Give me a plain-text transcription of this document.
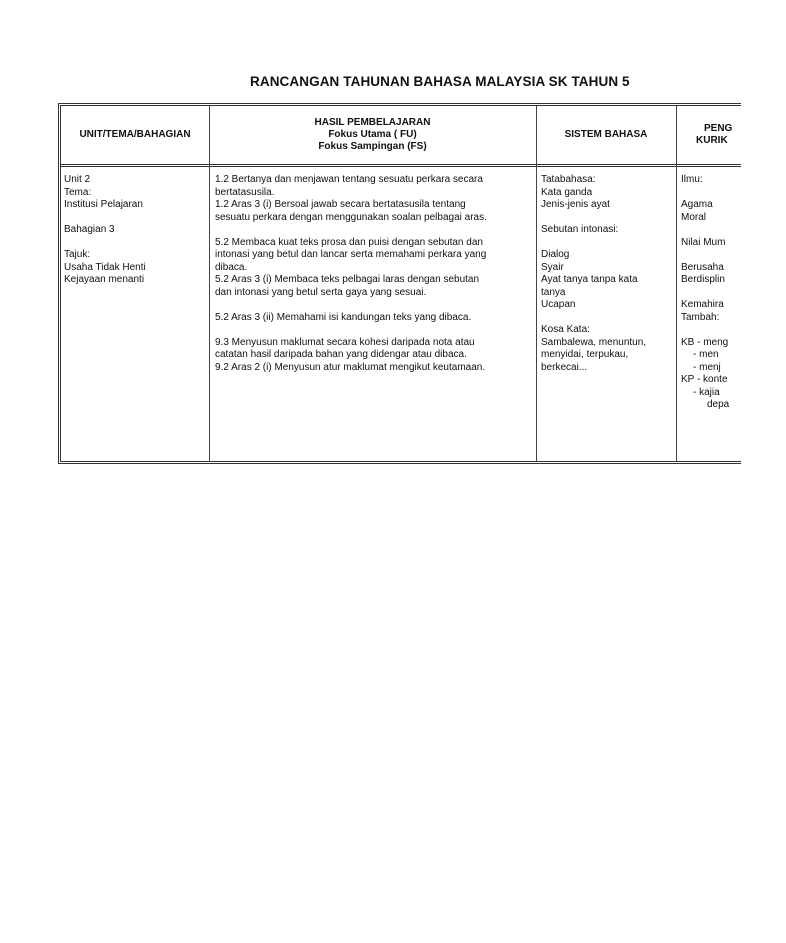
RANCANGAN TAHUNAN BAHASA MALAYSIA SK TAHUN 5
UNIT/TEMA/BAHAGIAN
HASIL PEMBELAJARAN
Fokus Utama ( FU)
Fokus Sampingan (FS)
SISTEM BAHASA
PENG
KURIK
Unit 2
Tema:
Institusi Pelajaran
Bahagian 3
Tajuk:
Usaha Tidak Henti
Kejayaan menanti
1.2 Bertanya dan menjawan tentang sesuatu perkara secara
bertatasusila.
1.2 Aras 3 (i) Bersoal jawab secara bertatasusila tentang
sesuatu perkara dengan menggunakan soalan pelbagai aras.
5.2 Membaca kuat teks prosa dan puisi dengan sebutan dan
intonasi yang betul dan lancar serta memahami perkara yang
dibaca.
5.2 Aras 3 (i) Membaca teks pelbagai laras dengan sebutan
dan intonasi yang betul serta gaya yang sesuai.
5.2 Aras 3 (ii) Memahami isi kandungan teks yang dibaca.
9.3 Menyusun maklumat secara kohesi daripada nota atau
catatan hasil daripada bahan yang didengar atau dibaca.
9.2 Aras 2 (i) Menyusun atur maklumat mengikut keutamaan.
Tatabahasa:
Kata ganda
Jenis-jenis ayat
Sebutan intonasi:
Dialog
Syair
Ayat tanya tanpa kata
tanya
Ucapan
Kosa Kata:
Sambalewa, menuntun,
menyidai, terpukau,
berkecai...
Ilmu:
Agama
Moral
Nilai Mum
Berusaha
Berdisplin
Kemahira
Tambah:
KB - meng
- men
- menj
KP - konte
- kajia
depa
